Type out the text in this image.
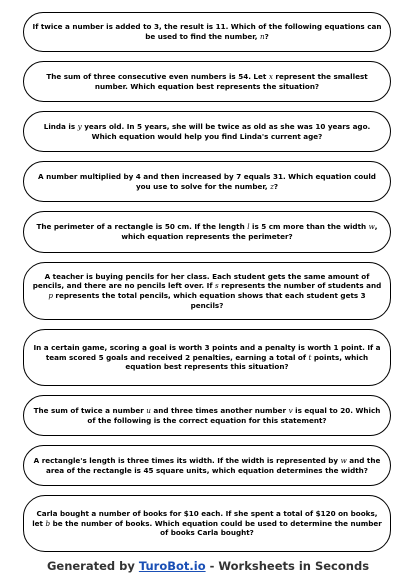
If twice a number is added to 3, the result is 11. Which of the following equations can be used to find the number, n?
The sum of three consecutive even numbers is 54. Let x represent the smallest number. Which equation best represents the situation?
Linda is y years old. In 5 years, she will be twice as old as she was 10 years ago. Which equation would help you find Linda's current age?
A number multiplied by 4 and then increased by 7 equals 31. Which equation could you use to solve for the number, z?
The perimeter of a rectangle is 50 cm. If the length l is 5 cm more than the width w, which equation represents the perimeter?
A teacher is buying pencils for her class. Each student gets the same amount of pencils, and there are no pencils left over. If s represents the number of students and p represents the total pencils, which equation shows that each student gets 3 pencils?
In a certain game, scoring a goal is worth 3 points and a penalty is worth 1 point. If a team scored 5 goals and received 2 penalties, earning a total of t points, which equation best represents this situation?
The sum of twice a number u and three times another number v is equal to 20. Which of the following is the correct equation for this statement?
A rectangle's length is three times its width. If the width is represented by w and the area of the rectangle is 45 square units, which equation determines the width?
Carla bought a number of books for $10 each. If she spent a total of $120 on books, let b be the number of books. Which equation could be used to determine the number of books Carla bought?
Generated by TuroBot.io - Worksheets in Seconds
